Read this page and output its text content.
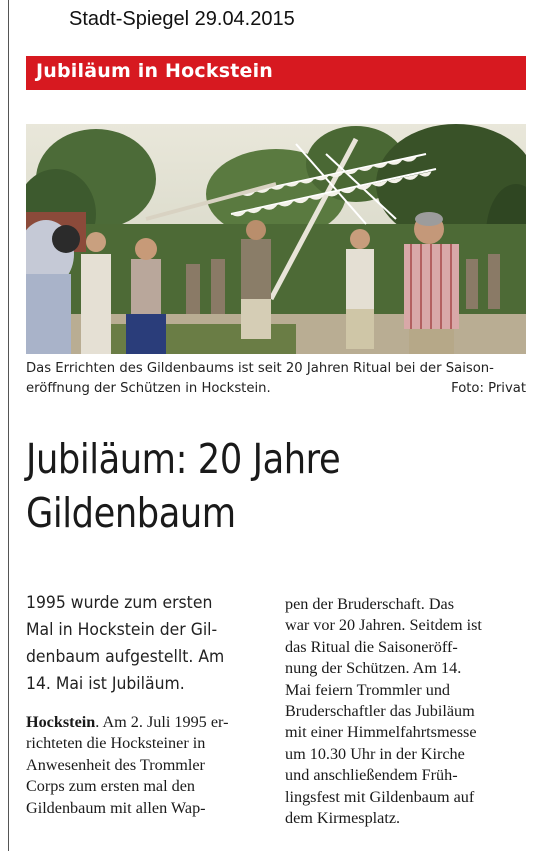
Stadt-Spiegel 29.04.2015
Jubiläum in Hockstein
Das Errichten des Gildenbaums ist seit 20 Jahren Ritual bei der Saison-
eröffnung der Schützen in Hockstein.	Foto: Privat
Jubiläum: 20 Jahre
Gildenbaum
1995 wurde zum ersten
Mal in Hockstein der Gil-
denbaum aufgestellt. Am
14. Mai ist Jubiläum.
Hockstein. Am 2. Juli 1995 er-
richteten die Hocksteiner in
Anwesenheit des Trommler
Corps zum ersten mal den
Gildenbaum mit allen Wap-
pen der Bruderschaft. Das
war vor 20 Jahren. Seitdem ist
das Ritual die Saisoneröff-
nung der Schützen. Am 14.
Mai feiern Trommler und
Bruderschaftler das Jubiläum
mit einer Himmelfahrtsmesse
um 10.30 Uhr in der Kirche
und anschließendem Früh-
lingsfest mit Gildenbaum auf
dem Kirmesplatz.
